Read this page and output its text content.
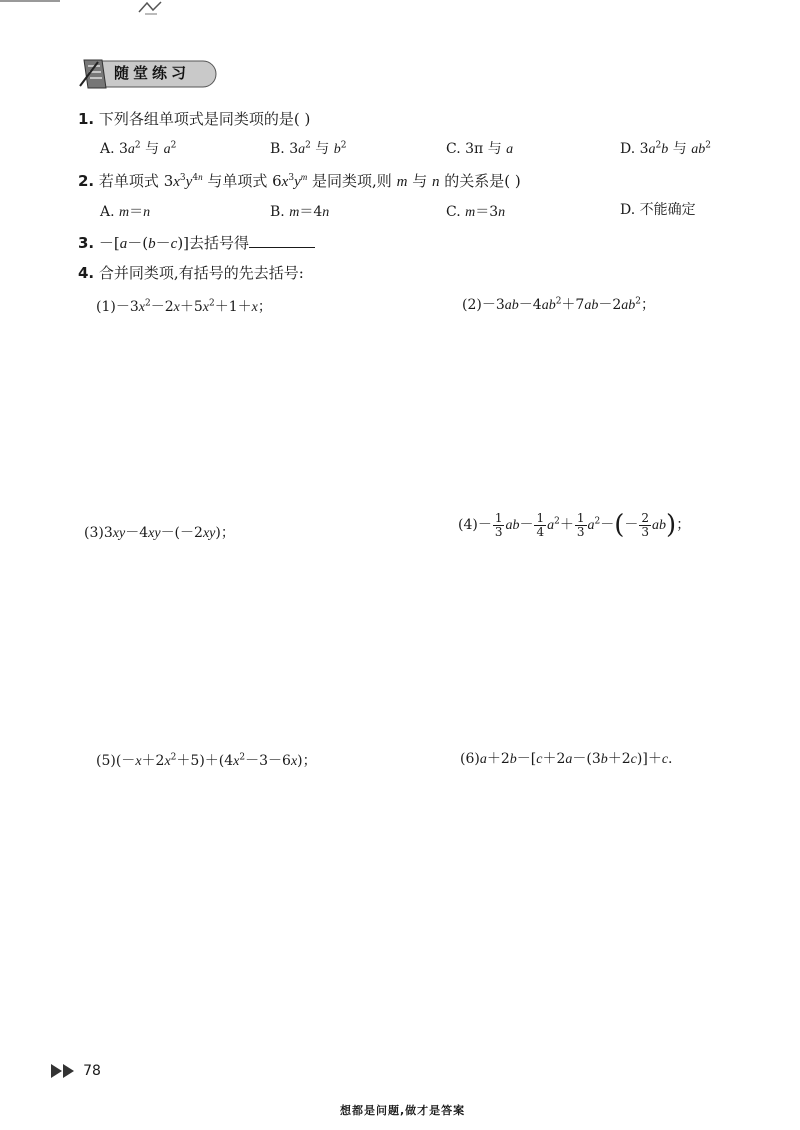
随堂练习
1. 下列各组单项式是同类项的是( )
A. $3a^2$ 与 $a^2$	B. $3a^2$ 与 $b^2$	C. 3π 与 a	D. $3a^2b$ 与 $ab^2$
2. 若单项式 $3x^3y^{4n}$ 与单项式 $6x^3y^m$ 是同类项,则 m 与 n 的关系是( )
A. m＝n	B. m＝4n	C. m＝3n	D. 不能确定
3. －[a－(b－c)]去括号得
4. 合并同类项,有括号的先去括号:
$(1)-3x^2-2x+5x^2+1+x$；	$(2)-3ab-4ab^2+7ab-2ab^2$；
(3)3xy－4xy－(－2xy)；	$(4)- \frac{1}{3} ab- \frac{1}{4} a^2+ \frac{1}{3} a^2-(- \frac{2}{3} ab)$；
$(5)(-x+2x^2+5)+(4x^2-3-6x)$；	(6)a＋2b－[c＋2a－(3b＋2c)]＋c.
78
想都是问题,做才是答案
